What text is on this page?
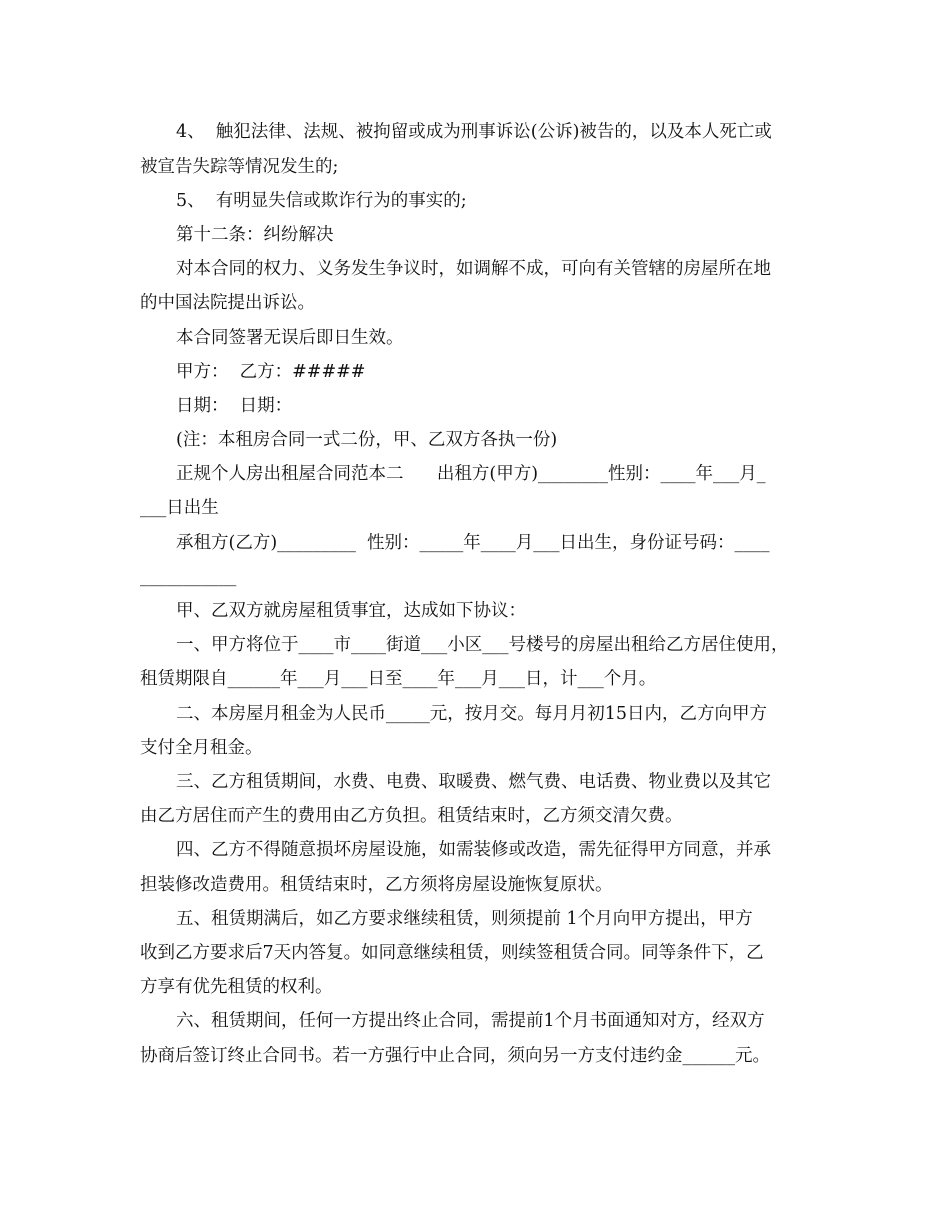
4、  触犯法律、法规、被拘留或成为刑事诉讼(公诉)被告的，以及本人死亡或
被宣告失踪等情况发生的;
5、  有明显失信或欺诈行为的事实的;
第十二条：纠纷解决
对本合同的权力、义务发生争议时，如调解不成，可向有关管辖的房屋所在地
的中国法院提出诉讼。
本合同签署无误后即日生效。
甲方：  乙方：#####
日期：  日期：
(注：本租房合同一式二份，甲、乙双方各执一份)
正规个人房出租屋合同范本二      出租方(甲方)________性别：____年___月_
___日出生
承租方(乙方)_________  性别：_____年____月___日出生，身份证号码：____
___________
甲、乙双方就房屋租赁事宜，达成如下协议：
一、甲方将位于____市____街道___小区___号楼号的房屋出租给乙方居住使用，
租赁期限自______年___月___日至____年___月___日，计___个月。
二、本房屋月租金为人民币_____元，按月交。每月月初15日内，乙方向甲方
支付全月租金。
三、乙方租赁期间，水费、电费、取暖费、燃气费、电话费、物业费以及其它
由乙方居住而产生的费用由乙方负担。租赁结束时，乙方须交清欠费。
四、乙方不得随意损坏房屋设施，如需装修或改造，需先征得甲方同意，并承
担装修改造费用。租赁结束时，乙方须将房屋设施恢复原状。
五、租赁期满后，如乙方要求继续租赁，则须提前 1个月向甲方提出，甲方
收到乙方要求后7天内答复。如同意继续租赁，则续签租赁合同。同等条件下，乙
方享有优先租赁的权利。
六、租赁期间，任何一方提出终止合同，需提前1个月书面通知对方，经双方
协商后签订终止合同书。若一方强行中止合同，须向另一方支付违约金______元。
